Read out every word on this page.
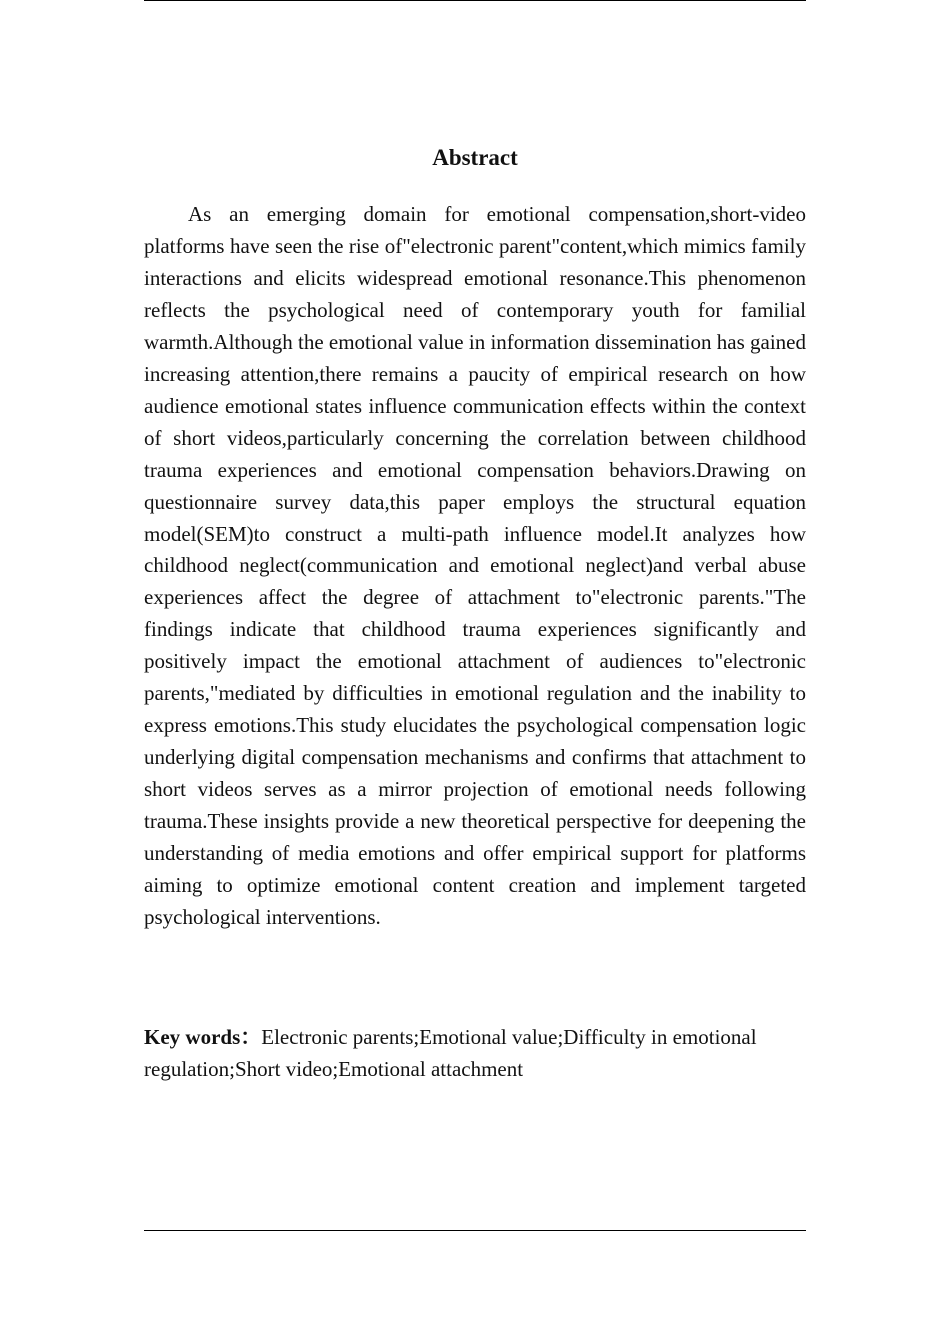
Abstract

As an emerging domain for emotional compensation,short-video platforms have seen the rise of"electronic parent"content,which mimics family interactions and elicits widespread emotional resonance.This phenomenon reflects the psychological need of contemporary youth for familial warmth.Although the emotional value in information dissemination has gained increasing attention,there remains a paucity of empirical research on how audience emotional states influence communication effects within the context of short videos,particularly concerning the correlation between childhood trauma experiences and emotional compensation behaviors.Drawing on questionnaire survey data,this paper employs the structural equation model(SEM)to construct a multi-path influence model.It analyzes how childhood neglect(communication and emotional neglect)and verbal abuse experiences affect the degree of attachment to"electronic parents."The findings indicate that childhood trauma experiences significantly and positively impact the emotional attachment of audiences to"electronic parents,"mediated by difficulties in emotional regulation and the inability to express emotions.This study elucidates the psychological compensation logic underlying digital compensation mechanisms and confirms that attachment to short videos serves as a mirror projection of emotional needs following trauma.These insights provide a new theoretical perspective for deepening the understanding of media emotions and offer empirical support for platforms aiming to optimize emotional content creation and implement targeted psychological interventions.

Key words：Electronic parents;Emotional value;Difficulty in emotional regulation;Short video;Emotional attachment
